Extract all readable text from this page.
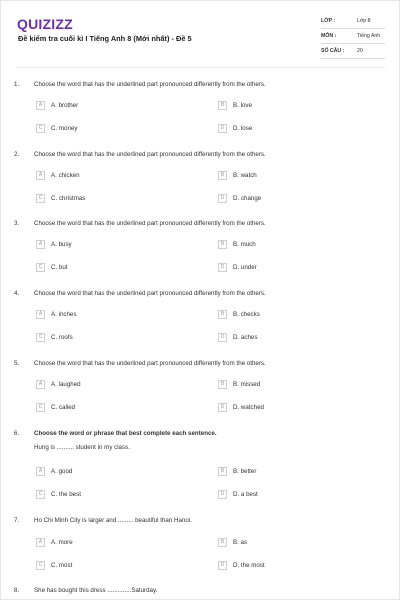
QUIZIZZ
Đề kiểm tra cuối kì I Tiếng Anh 8 (Mới nhất) - Đề 5
LỚP :	Lớp 8
MÔN :	Tiếng Anh
SỐ CÂU : 20
1. Choose the word that has the underlined part pronounced differently from the others.
A	A. brother	B	B. love
C	C. money	D	D. lose
2. Choose the word that has the underlined part pronounced differently from the others.
A	A. chicken	B	B. watch
C	C. christmas	D	D. change
3. Choose the word that has the underlined part pronounced differently from the others.
A	A. busy	B	B. much
C	C. but	D	D. under
4. Choose the word that has the underlined part pronounced differently from the others.
A	A. inches	B	B. checks
C	C. roofs	D	D. aches
5. Choose the word that has the underlined part pronounced differently from the others.
A	A. laughed	B	B. missed
C	C. called	D	D. watched
6. Choose the word or phrase that best complete each sentence.
Hung is .......... student in my class.
A	A. good	B	B. better
C	C. the best	D	D. a best
7. Ho Chi Minh City is larger and ......... beautiful than Hanoi.
A	A. more	B	B. as
C	C. most	D	D. the most
8. She has bought this dress ..............Saturday.
